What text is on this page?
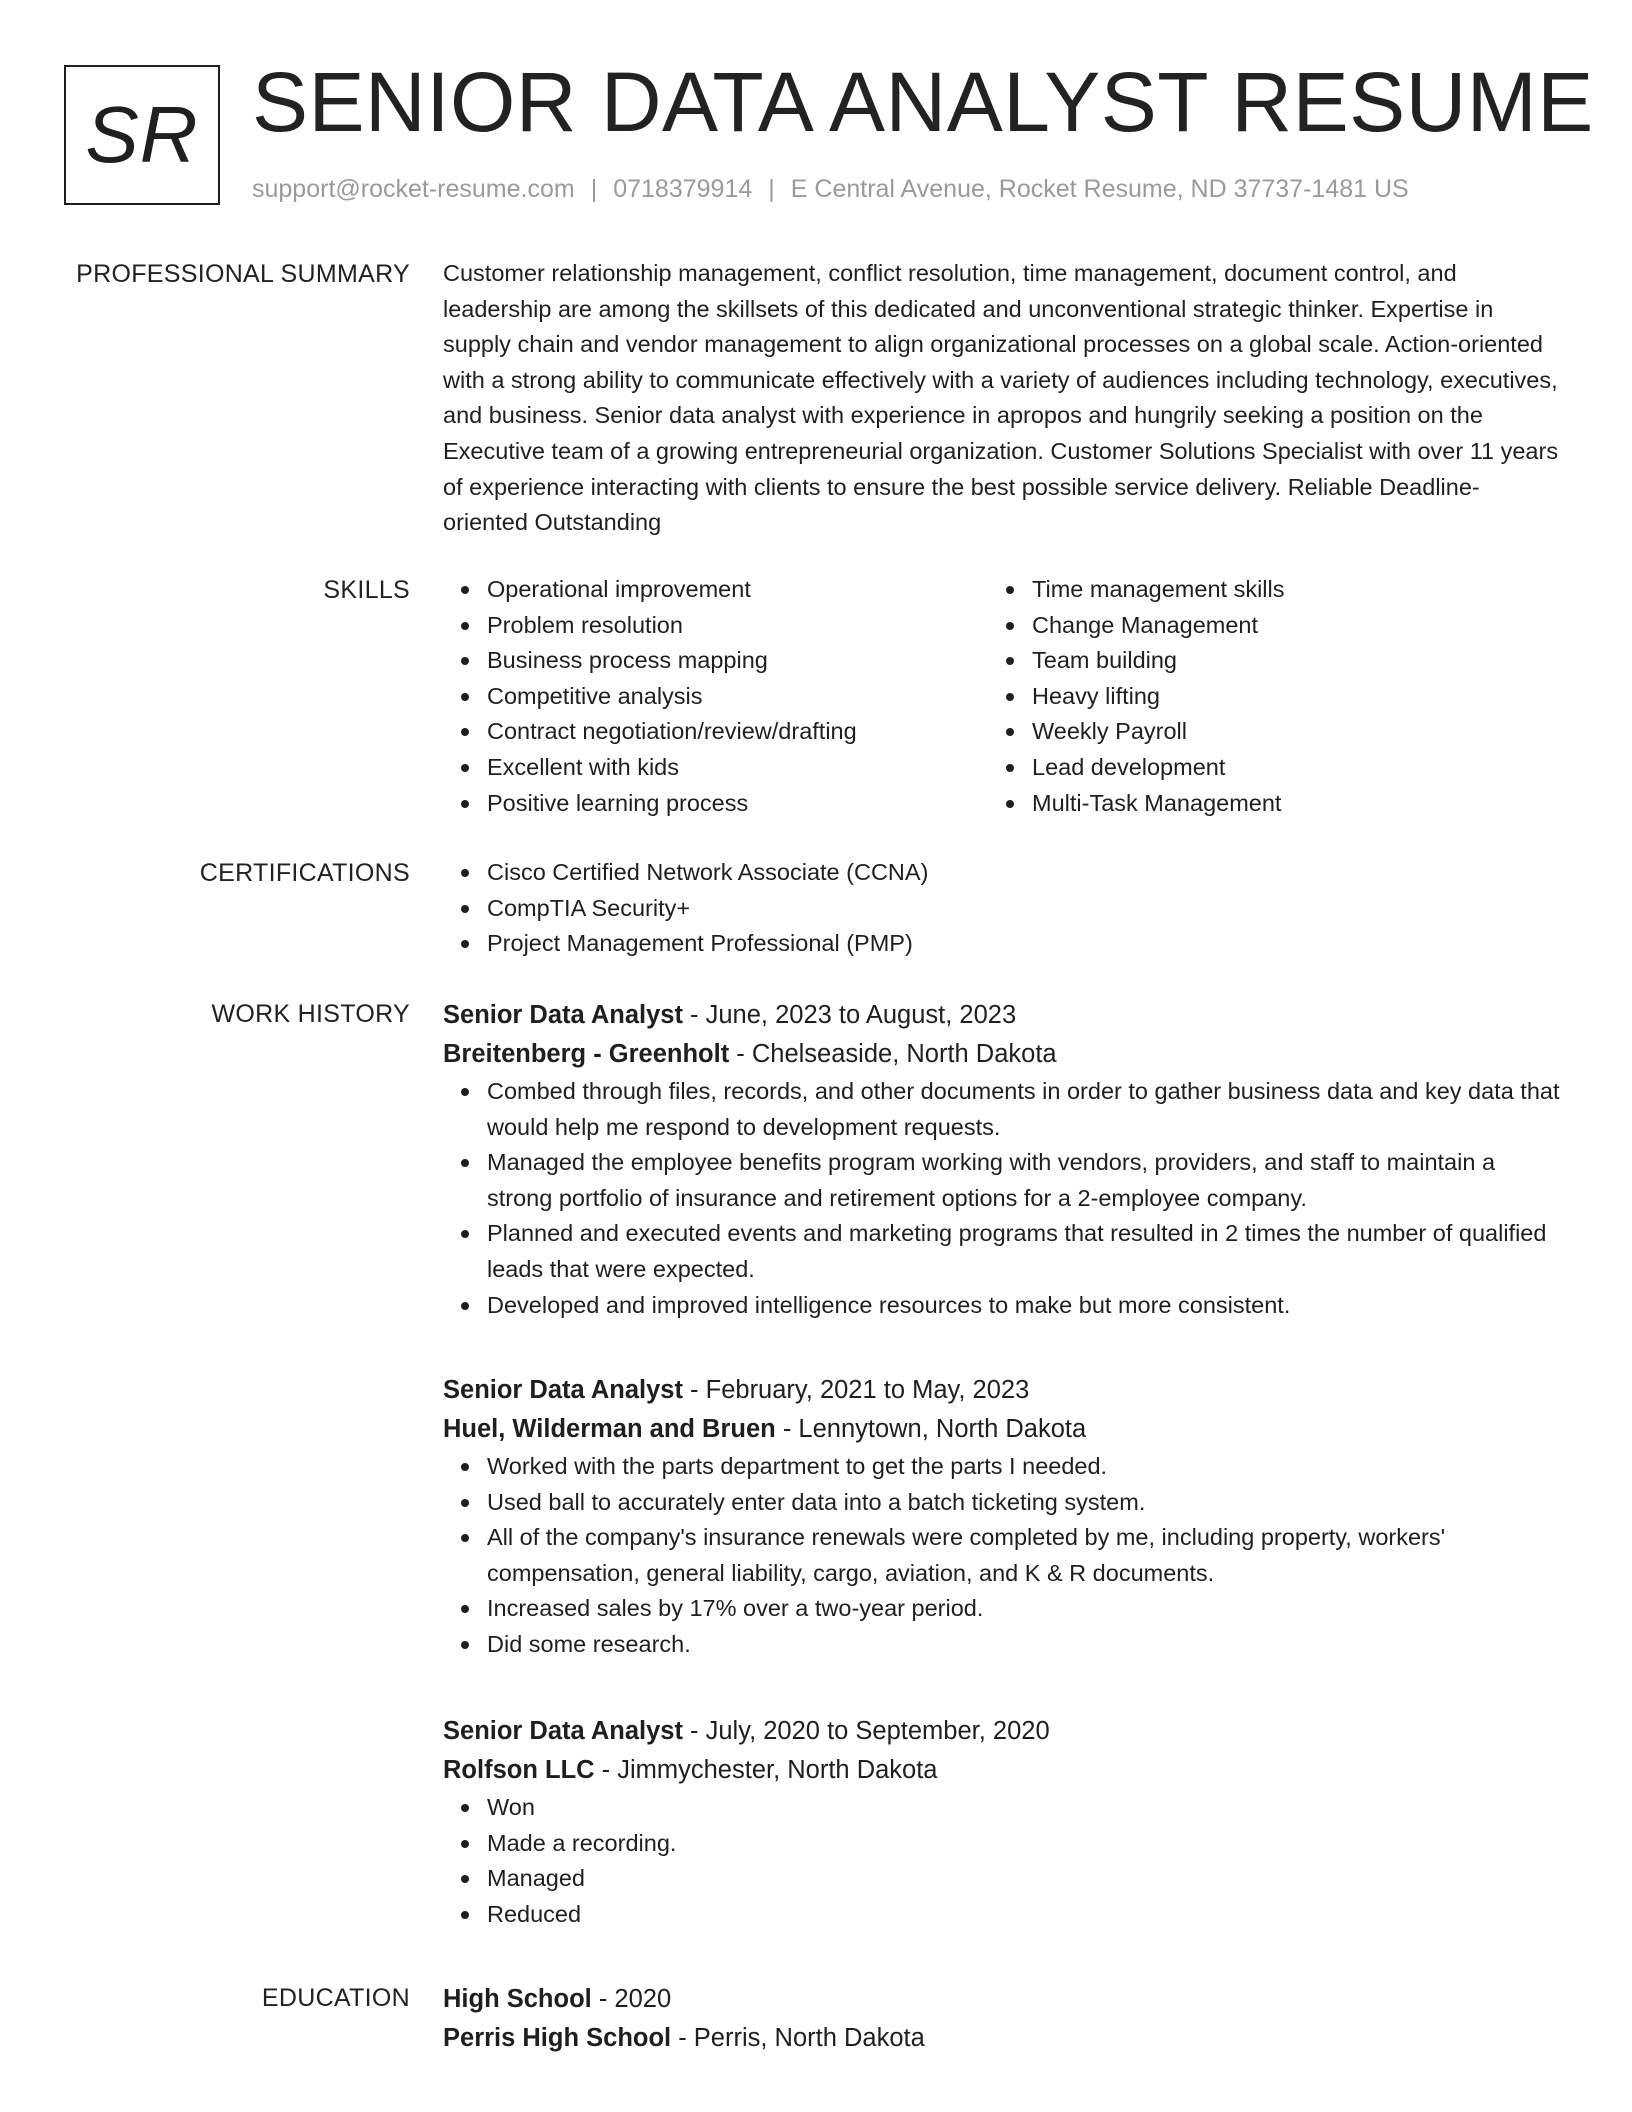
SR SENIOR DATA ANALYST RESUME
support@rocket-resume.com | 0718379914 | E Central Avenue, Rocket Resume, ND 37737-1481 US
PROFESSIONAL SUMMARY Customer relationship management, conflict resolution, time management, document control, and leadership are among the skillsets of this dedicated and unconventional strategic thinker. Expertise in supply chain and vendor management to align organizational processes on a global scale. Action-oriented with a strong ability to communicate effectively with a variety of audiences including technology, executives, and business. Senior data analyst with experience in apropos and hungrily seeking a position on the Executive team of a growing entrepreneurial organization. Customer Solutions Specialist with over 11 years of experience interacting with clients to ensure the best possible service delivery. Reliable Deadline-oriented Outstanding

SKILLS	Operational improvement
Problem resolution
Business process mapping
Competitive analysis
Contract negotiation/review/drafting
Excellent with kids
Positive learning process
Time management skills
Change Management
Team building
Heavy lifting
Weekly Payroll
Lead development
Multi-Task Management
CERTIFICATIONS	Cisco Certified Network Associate (CCNA)
CompTIA Security+
Project Management Professional (PMP)
WORK HISTORY Senior Data Analyst - June, 2023 to August, 2023
Breitenberg - Greenholt - Chelseaside, North Dakota
Combed through files, records, and other documents in order to gather business data and key data that would help me respond to development requests.
Managed the employee benefits program working with vendors, providers, and staff to maintain a strong portfolio of insurance and retirement options for a 2-employee company.
Planned and executed events and marketing programs that resulted in 2 times the number of qualified leads that were expected.
Developed and improved intelligence resources to make but more consistent.
Senior Data Analyst - February, 2021 to May, 2023
Huel, Wilderman and Bruen - Lennytown, North Dakota
Worked with the parts department to get the parts I needed.
Used ball to accurately enter data into a batch ticketing system.
All of the company's insurance renewals were completed by me, including property, workers' compensation, general liability, cargo, aviation, and K & R documents.
Increased sales by 17% over a two-year period.
Did some research.
Senior Data Analyst - July, 2020 to September, 2020
Rolfson LLC - Jimmychester, North Dakota
Won
Made a recording.
Managed
Reduced
EDUCATION High School - 2020
Perris High School - Perris, North Dakota
